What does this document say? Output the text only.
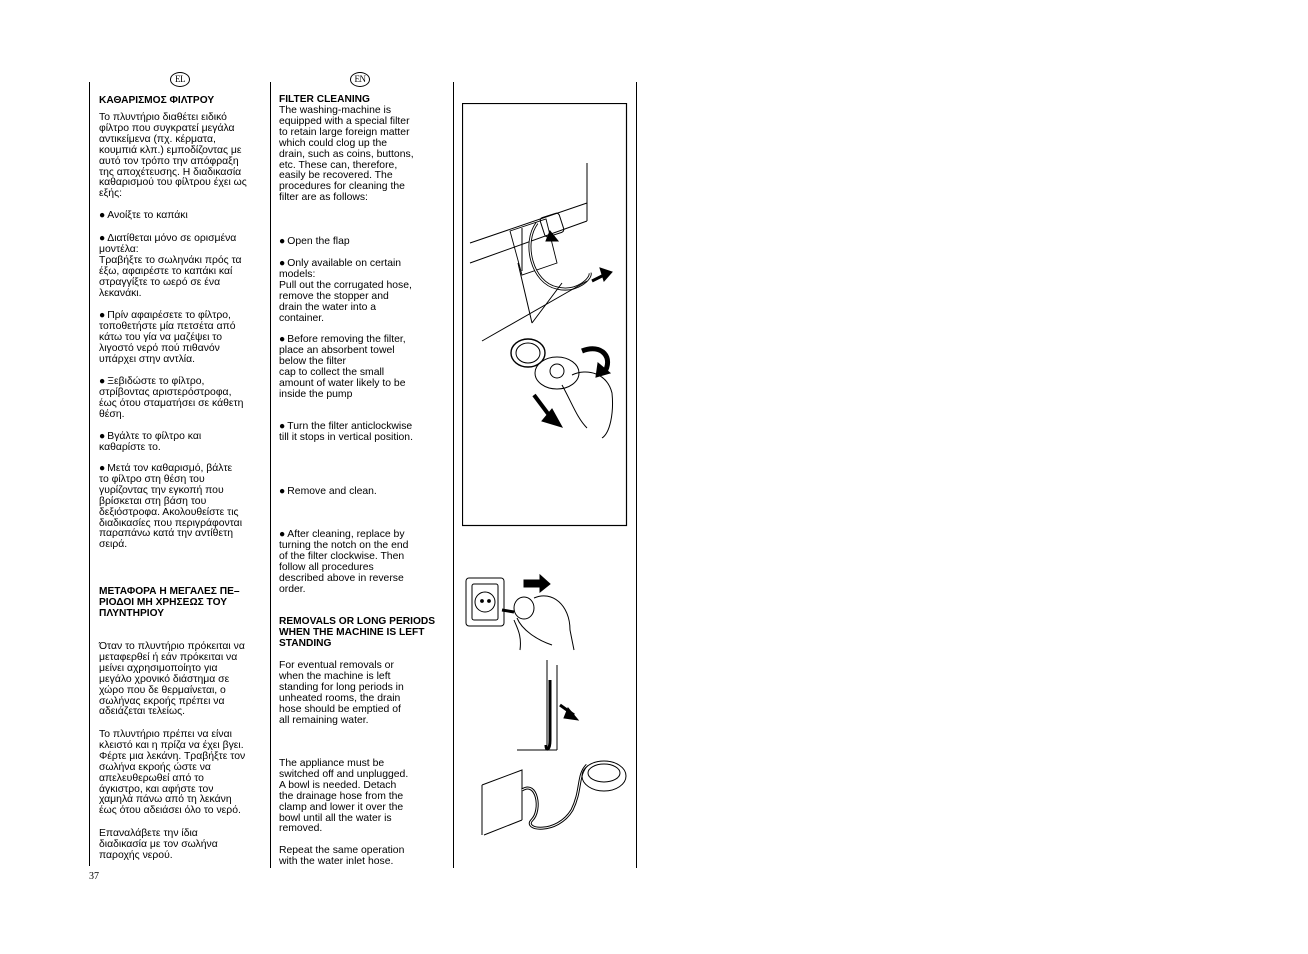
EL	EN
ΚΑΘΑΡΙΣΜΟΣ ΦΙΛΤΡΟΥ

Το πλυντήριο διαθέτει ειδικό
φίλτρο που συγκρατεί μεγάλα
αντικείμενα (πχ. κέρματα,
κουμπιά κλπ.) εμποδίζοντας με
αυτό τον τρόπο την απόφραξη
της αποχέτευσης. Η διαδικασία
καθαρισμού του φίλτρου έχει ως
εξής:

● Ανοίξτε το καπάκι

● Διατίθεται μόνο σε ορισμένα
μοντέλα:
Τραβήξτε το σωληνάκι πρός τα
έξω, αφαιρέστε το καπάκι καί
στραγγίξτε το ωερό σε ένα
λεκανάκι.

● Πρίν αφαιρέσετε το φίλτρο,
τοποθετήστε μία πετσέτα από
κάτω του γία να μαζέψει το
λιγοστό νερό πού πιθανόν
υπάρχει στην αντλία.

● Ξεβιδώστε το φίλτρο,
στρίβοντας αριστερόστροφα,
έως ότου σταματήσει σε κάθετη
θέση.

● Βγάλτε το φίλτρο και
καθαρίστε το.

● Μετά τον καθαρισμό, βάλτε
το φίλτρο στη θέση του
γυρίζοντας την εγκοπή που
βρίσκεται στη βάση του
δεξιόστροφα. Ακολουθείστε τις
διαδικασίες που περιγράφονται
παραπάνω κατά την αντίθετη
σειρά.

ΜΕΤΑΦΟΡΑ Η ΜΕΓΑΛΕΣ ΠΕ–
ΡΙΟΔΟΙ ΜΗ ΧΡΗΣΕΩΣ ΤΟΥ
ΠΛΥΝΤΗΡΙΟΥ

Όταν το πλυντήριο πρόκειται να
μεταφερθεί ή εάν πρόκειται να
μείνει αχρησιμοποίητο για
μεγάλο χρονικό διάστημα σε
χώρο που δε θερμαίνεται, ο
σωλήνας εκροής πρέπει να
αδειάζεται τελείως.

Το πλυντήριο πρέπει να είναι
κλειστό και η πρίζα να έχει βγει.
Φέρτε μια λεκάνη. Τραβήξτε τον
σωλήνα εκροής ώστε να
απελευθερωθεί από το
άγκιστρο, και αφήστε τον
χαμηλά πάνω από τη λεκάνη
έως ότου αδειάσει όλο το νερό.

Επαναλάβετε την ίδια
διαδικασία με τον σωλήνα
παροχής νερού.

FILTER CLEANING

The washing-machine is
equipped with a special filter
to retain large foreign matter
which could clog up the
drain, such as coins, buttons,
etc. These can, therefore,
easily be recovered. The
procedures for cleaning the
filter are as follows:

● Open the flap

● Only available on certain
models:
Pull out the corrugated hose,
remove the stopper and
drain the water into a
container.

● Before removing the filter,
place an absorbent towel
below the filter
cap to collect the small
amount of water likely to be
inside the pump

● Turn the filter anticlockwise
till it stops in vertical position.

● Remove and clean.

● After cleaning, replace by
turning the notch on the end
of the filter clockwise. Then
follow all procedures
described above in reverse
order.

REMOVALS OR LONG PERIODS
WHEN THE MACHINE IS LEFT
STANDING

For eventual removals or
when the machine is left
standing for long periods in
unheated rooms, the drain
hose should be emptied of
all remaining water.

The appliance must be
switched off and unplugged.
A bowl is needed. Detach
the drainage hose from the
clamp and lower it over the
bowl until all the water is
removed.

Repeat the same operation
with the water inlet hose.

37
